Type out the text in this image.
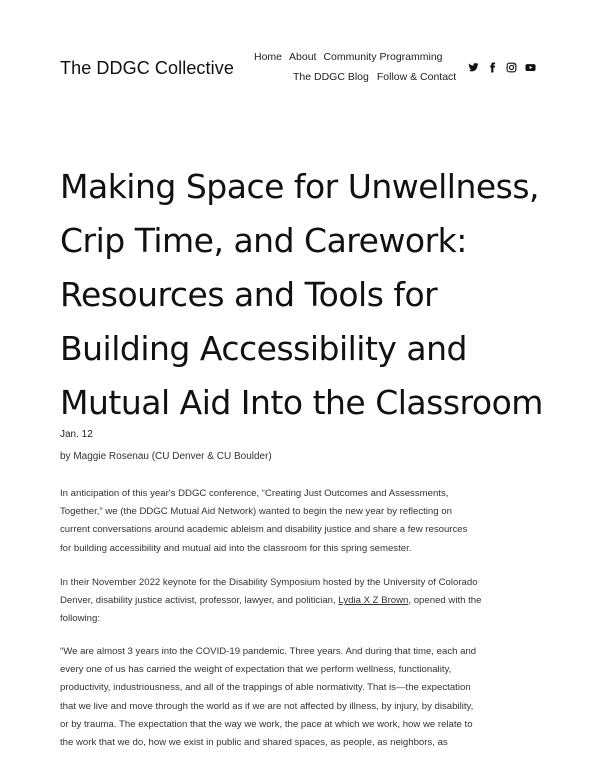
The DDGC Collective
Home About Community Programming
The DDGC Blog Follow & Contact
Making Space for Unwellness,
Crip Time, and Carework:
Resources and Tools for
Building Accessibility and
Mutual Aid Into the Classroom
Jan. 12
by Maggie Rosenau (CU Denver & CU Boulder)

In anticipation of this year's DDGC conference, “Creating Just Outcomes and Assessments,

Together,” we (the DDGC Mutual Aid Network) wanted to begin the new year by reflecting on

current conversations around academic ableism and disability justice and share a few resources

for building accessibility and mutual aid into the classroom for this spring semester.

In their November 2022 keynote for the Disability Symposium hosted by the University of Colorado

Denver, disability justice activist, professor, lawyer, and politician, Lydia X Z Brown, opened with the

following:

“We are almost 3 years into the COVID-19 pandemic. Three years. And during that time, each and

every one of us has carried the weight of expectation that we perform wellness, functionality,

productivity, industriousness, and all of the trappings of able normativity. That is—the expectation

that we live and move through the world as if we are not affected by illness, by injury, by disability,

or by trauma. The expectation that the way we work, the pace at which we work, how we relate to

the work that we do, how we exist in public and shared spaces, as people, as neighbors, as
